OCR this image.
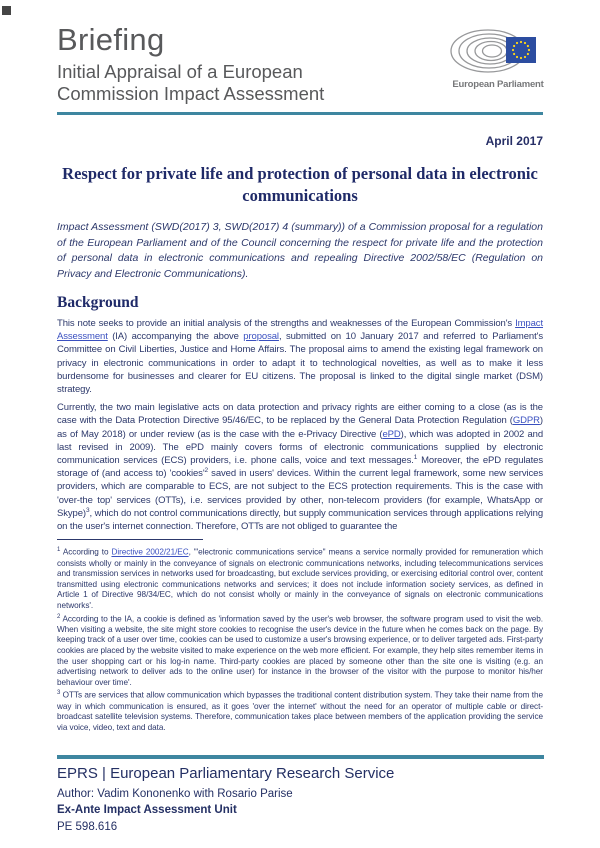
Briefing
Initial Appraisal of a European Commission Impact Assessment	European Parliament
April 2017
Respect for private life and protection of personal data in electronic communications

Impact Assessment (SWD(2017) 3, SWD(2017) 4 (summary)) of a Commission proposal for a regulation of the European Parliament and of the Council concerning the respect for private life and the protection of personal data in electronic communications and repealing Directive 2002/58/EC (Regulation on Privacy and Electronic Communications).

Background

This note seeks to provide an initial analysis of the strengths and weaknesses of the European Commission's Impact Assessment (IA) accompanying the above proposal, submitted on 10 January 2017 and referred to Parliament's Committee on Civil Liberties, Justice and Home Affairs. The proposal aims to amend the existing legal framework on privacy in electronic communications in order to adapt it to technological novelties, as well as to make it less burdensome for businesses and clearer for EU citizens. The proposal is linked to the digital single market (DSM) strategy.

Currently, the two main legislative acts on data protection and privacy rights are either coming to a close (as is the case with the Data Protection Directive 95/46/EC, to be replaced by the General Data Protection Regulation (GDPR) as of May 2018) or under review (as is the case with the e-Privacy Directive (ePD), which was adopted in 2002 and last revised in 2009). The ePD mainly covers forms of electronic communications supplied by electronic communication services (ECS) providers, i.e. phone calls, voice and text messages.$^1$ Moreover, the ePD regulates storage of (and access to) 'cookies'$^2$ saved in users' devices. Within the current legal framework, some new services providers, which are comparable to ECS, are not subject to the ECS protection requirements. This is the case with 'over-the top' services (OTTs), i.e. services provided by other, non-telecom providers (for example, WhatsApp or Skype)$^3$, which do not control communications directly, but supply communication services through applications relying on the user's internet connection. Therefore, OTTs are not obliged to guarantee the

$^1$ According to Directive 2002/21/EC, '"electronic communications service" means a service normally provided for remuneration which consists wholly or mainly in the conveyance of signals on electronic communications networks, including telecommunications services and transmission services in networks used for broadcasting, but exclude services providing, or exercising editorial control over, content transmitted using electronic communications networks and services; it does not include information society services, as defined in Article 1 of Directive 98/34/EC, which do not consist wholly or mainly in the conveyance of signals on electronic communications networks'.

$^2$ According to the IA, a cookie is defined as 'information saved by the user's web browser, the software program used to visit the web. When visiting a website, the site might store cookies to recognise the user's device in the future when he comes back on the page. By keeping track of a user over time, cookies can be used to customize a user's browsing experience, or to deliver targeted ads. First-party cookies are placed by the website visited to make experience on the web more efficient. For example, they help sites remember items in the user shopping cart or his log-in name. Third-party cookies are placed by someone other than the site one is visiting (e.g. an advertising network to deliver ads to the online user) for instance in the browser of the visitor with the purpose to monitor his/her behaviour over time'.

$^3$ OTTs are services that allow communication which bypasses the traditional content distribution system. They take their name from the way in which communication is ensured, as it goes 'over the internet' without the need for an operator of multiple cable or direct-broadcast satellite television systems. Therefore, communication takes place between members of the application providing the service via voice, video, text and data.

EPRS | European Parliamentary Research Service
Author: Vadim Kononenko with Rosario Parise
Ex-Ante Impact Assessment Unit
PE 598.616
